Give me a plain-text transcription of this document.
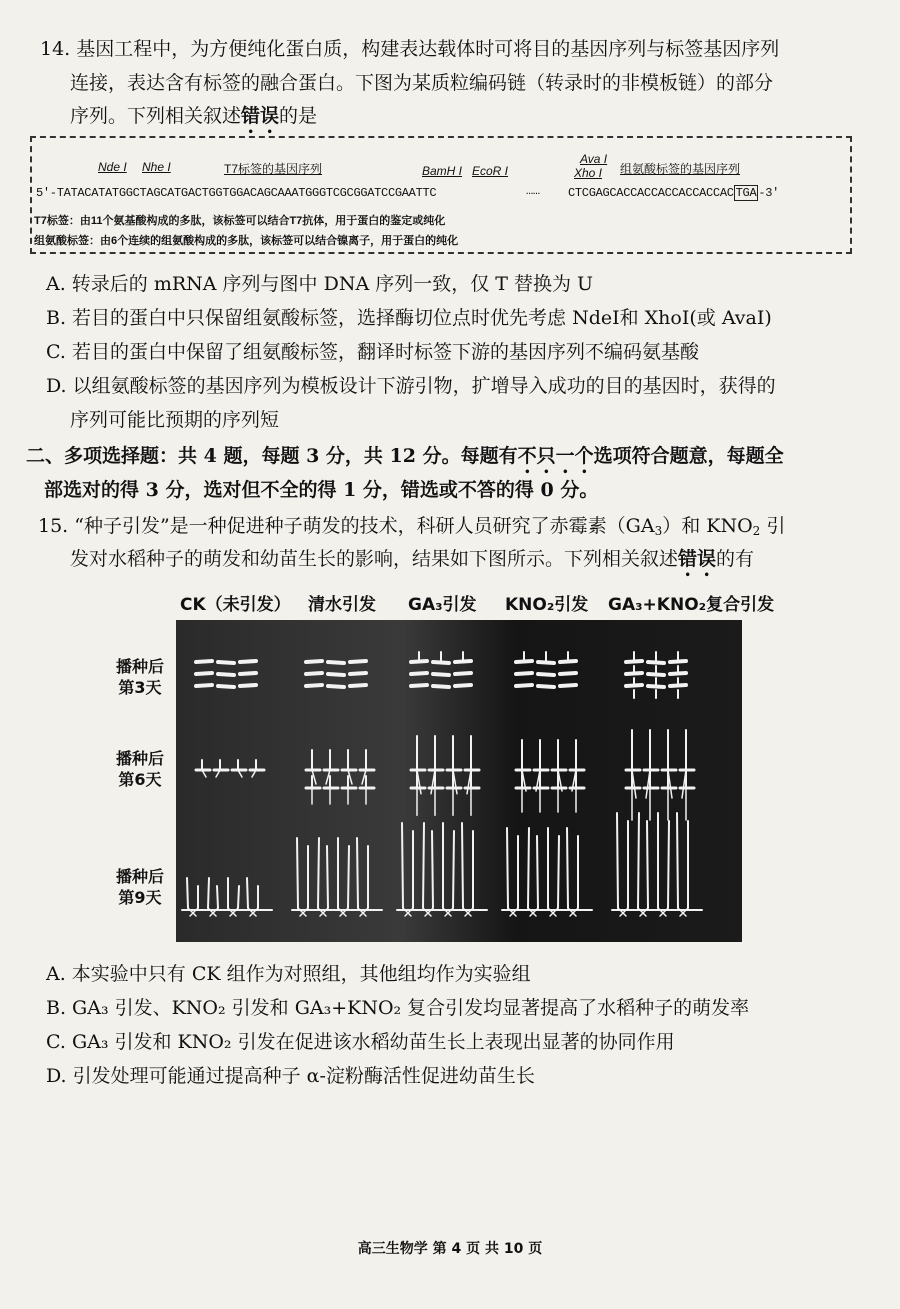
14. 基因工程中，为方便纯化蛋白质，构建表达载体时可将目的基因序列与标签基因序列
连接，表达含有标签的融合蛋白。下图为某质粒编码链（转录时的非模板链）的部分
序列。下列相关叙述错误的是
Nde I Nhe I	T7标签的基因序列	BamH I EcoR I
Ava I
Xho I 组氨酸标签的基因序列
5'-TATACATATGGCTAGCATGACTGGTGGACAGCAAATGGGTCGCGGATCCGAATTC	…… CTCGAGCACCACCACCACCACCAC TGA -3'
T7标签：由11个氨基酸构成的多肽，该标签可以结合T7抗体，用于蛋白的鉴定或纯化
组氨酸标签：由6个连续的组氨酸构成的多肽，该标签可以结合镍离子，用于蛋白的纯化
A. 转录后的 mRNA 序列与图中 DNA 序列一致，仅 T 替换为 U
B. 若目的蛋白中只保留组氨酸标签，选择酶切位点时优先考虑 NdeⅠ和 XhoⅠ(或 AvaⅠ)
C. 若目的蛋白中保留了组氨酸标签，翻译时标签下游的基因序列不编码氨基酸
D. 以组氨酸标签的基因序列为模板设计下游引物，扩增导入成功的目的基因时，获得的
序列可能比预期的序列短
二、多项选择题：共 4 题，每题 3 分，共 12 分。每题有不只一个选项符合题意，每题全
部选对的得 3 分，选对但不全的得 1 分，错选或不答的得 0 分。
15. “种子引发”是一种促进种子萌发的技术，科研人员研究了赤霉素$(GA_3)$和 $KNO_2$ 引
发对水稻种子的萌发和幼苗生长的影响，结果如下图所示。下列相关叙述错误的有
CK（未引发） 清水引发 GA₃引发 KNO₂引发 GA₃+KNO₂复合引发
播种后
第3天
播种后
第6天
播种后
第9天
A. 本实验中只有 CK 组作为对照组，其他组均作为实验组
B. GA₃ 引发、KNO₂ 引发和 GA₃+KNO₂ 复合引发均显著提高了水稻种子的萌发率
C. GA₃ 引发和 KNO₂ 引发在促进该水稻幼苗生长上表现出显著的协同作用
D. 引发处理可能通过提高种子 α-淀粉酶活性促进幼苗生长
高三生物学 第 4 页 共 10 页
